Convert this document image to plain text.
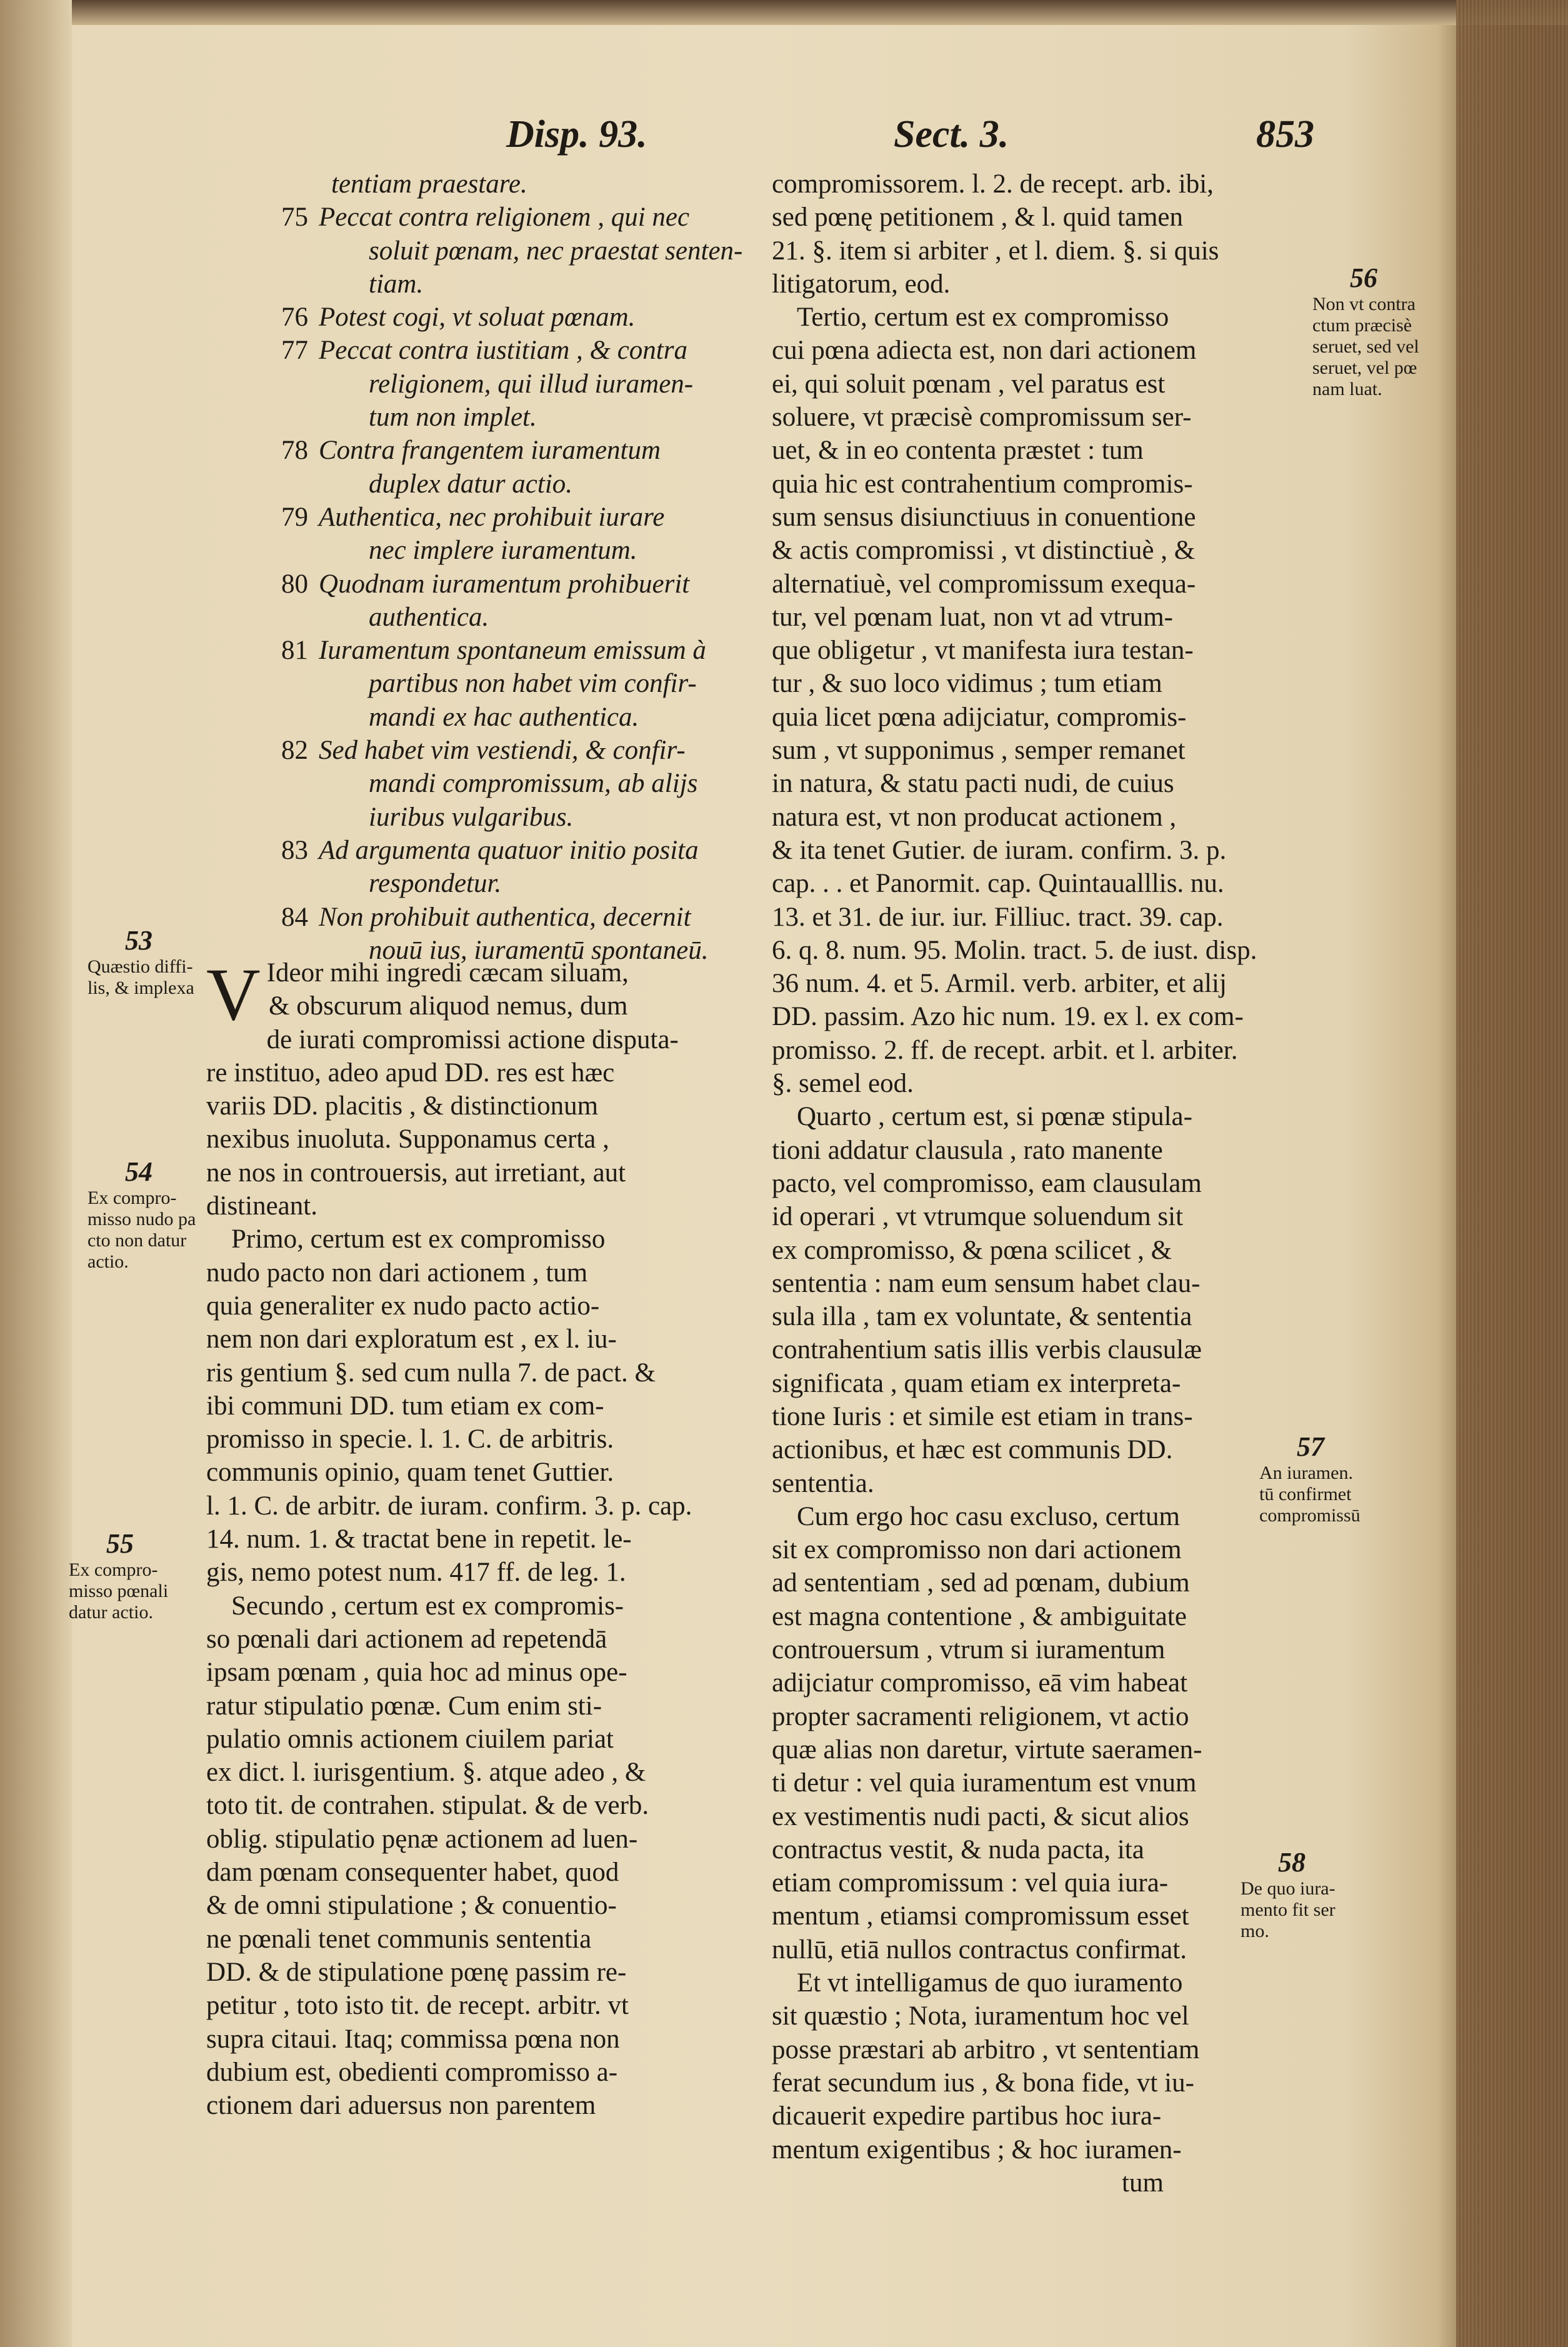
Disp. 93.	Sect. 3.	853
tentiam praestare.
75 Peccat contra religionem , qui nec
soluit pœnam, nec praestat senten-
tiam.
76 Potest cogi, vt soluat pœnam.
77 Peccat contra iustitiam , & contra
religionem, qui illud iuramen-
tum non implet.
78 Contra frangentem iuramentum
duplex datur actio.
79 Authentica, nec prohibuit iurare
nec implere iuramentum.
80 Quodnam iuramentum prohibuerit
authentica.
81 Iuramentum spontaneum emissum à
partibus non habet vim confir-
mandi ex hac authentica.
82 Sed habet vim vestiendi, & confir-
mandi compromissum, ab alijs
iuribus vulgaribus.
83 Ad argumenta quatuor initio posita
respondetur.
84 Non prohibuit authentica, decernit
nouū ius, iuramentū spontaneū.
V Ideor mihi ingredi cæcam siluam,
& obscurum aliquod nemus, dum
de iurati compromissi actione disputa-
re instituo, adeo apud DD. res est hæc
variis DD. placitis , & distinctionum
nexibus inuoluta. Supponamus certa ,
ne nos in controuersis, aut irretiant, aut
distineant.
Primo, certum est ex compromisso
nudo pacto non dari actionem , tum
quia generaliter ex nudo pacto actio-
nem non dari exploratum est , ex l. iu-
ris gentium §. sed cum nulla 7. de pact. &
ibi communi DD. tum etiam ex com-
promisso in specie. l. 1. C. de arbitris.
communis opinio, quam tenet Guttier.
l. 1. C. de arbitr. de iuram. confirm. 3. p. cap.
14. num. 1. & tractat bene in repetit. le-
gis, nemo potest num. 417 ff. de leg. 1.
Secundo , certum est ex compromis-
so pœnali dari actionem ad repetendā
ipsam pœnam , quia hoc ad minus ope-
ratur stipulatio pœnæ. Cum enim sti-
pulatio omnis actionem ciuilem pariat
ex dict. l. iurisgentium. §. atque adeo , &
toto tit. de contrahen. stipulat. & de verb.
oblig. stipulatio pęnæ actionem ad luen-
dam pœnam consequenter habet, quod
& de omni stipulatione ; & conuentio-
ne pœnali tenet communis sententia
DD. & de stipulatione pœnę passim re-
petitur , toto isto tit. de recept. arbitr. vt
supra citaui. Itaq; commissa pœna non
dubium est, obedienti compromisso a-
ctionem dari aduersus non parentem
compromissorem. l. 2. de recept. arb. ibi,
sed pœnę petitionem , & l. quid tamen
21. §. item si arbiter , et l. diem. §. si quis
litigatorum, eod.
Tertio, certum est ex compromisso
cui pœna adiecta est, non dari actionem
ei, qui soluit pœnam , vel paratus est
soluere, vt præcisè compromissum ser-
uet, & in eo contenta præstet : tum
quia hic est contrahentium compromis-
sum sensus disiunctiuus in conuentione
& actis compromissi , vt distinctiuè , &
alternatiuè, vel compromissum exequa-
tur, vel pœnam luat, non vt ad vtrum-
que obligetur , vt manifesta iura testan-
tur , & suo loco vidimus ; tum etiam
quia licet pœna adijciatur, compromis-
sum , vt supponimus , semper remanet
in natura, & statu pacti nudi, de cuius
natura est, vt non producat actionem ,
& ita tenet Gutier. de iuram. confirm. 3. p.
cap. . . et Panormit. cap. Quintaualllis. nu.
13. et 31. de iur. iur. Filliuc. tract. 39. cap.
6. q. 8. num. 95. Molin. tract. 5. de iust. disp.
36 num. 4. et 5. Armil. verb. arbiter, et alij
DD. passim. Azo hic num. 19. ex l. ex com-
promisso. 2. ff. de recept. arbit. et l. arbiter.
§. semel eod.
Quarto , certum est, si pœnæ stipula-
tioni addatur clausula , rato manente
pacto, vel compromisso, eam clausulam
id operari , vt vtrumque soluendum sit
ex compromisso, & pœna scilicet , &
sententia : nam eum sensum habet clau-
sula illa , tam ex voluntate, & sententia
contrahentium satis illis verbis clausulæ
significata , quam etiam ex interpreta-
tione Iuris : et simile est etiam in trans-
actionibus, et hæc est communis DD.
sententia.
Cum ergo hoc casu excluso, certum
sit ex compromisso non dari actionem
ad sententiam , sed ad pœnam, dubium
est magna contentione , & ambiguitate
controuersum , vtrum si iuramentum
adijciatur compromisso, eā vim habeat
propter sacramenti religionem, vt actio
quæ alias non daretur, virtute saeramen-
ti detur : vel quia iuramentum est vnum
ex vestimentis nudi pacti, & sicut alios
contractus vestit, & nuda pacta, ita
etiam compromissum : vel quia iura-
mentum , etiamsi compromissum esset
nullū, etiā nullos contractus confirmat.
Et vt intelligamus de quo iuramento
sit quæstio ; Nota, iuramentum hoc vel
posse præstari ab arbitro , vt sententiam
ferat secundum ius , & bona fide, vt iu-
dicauerit expedire partibus hoc iura-
mentum exigentibus ; & hoc iuramen-
tum
53
Quæstio diffi-
lis, & implexa
54
Ex compro-
misso nudo pa
cto non datur
actio.
55
Ex compro-
misso pœnali
datur actio.
56
Non vt contra
ctum præcisè
seruet, sed vel
seruet, vel pœ
nam luat.
57
An iuramen.
tū confirmet
compromissū
58
De quo iura-
mento fit ser
mo.
